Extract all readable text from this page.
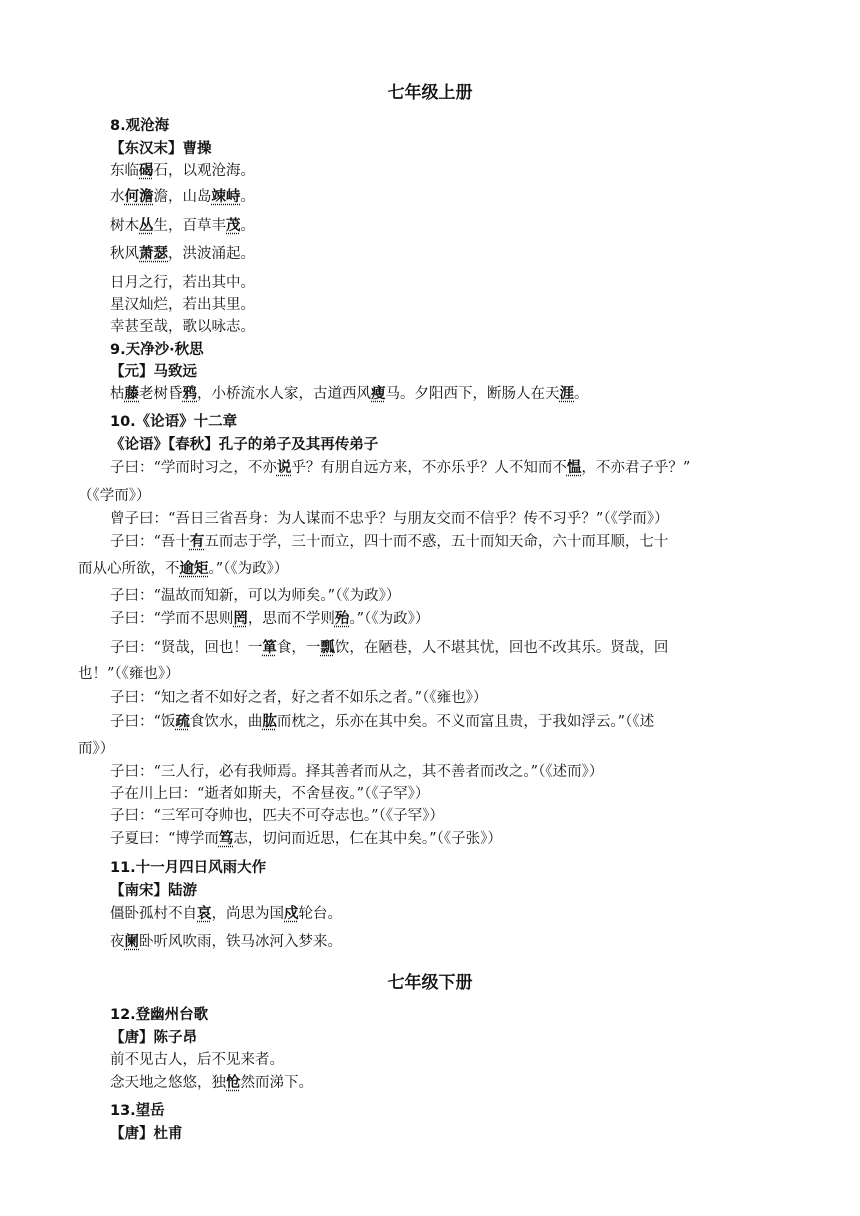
七年级上册
8.观沧海
【东汉末】曹操
东临碣石，以观沧海。
水何澹澹，山岛竦峙。
树木丛生，百草丰茂。
秋风萧瑟，洪波涌起。
日月之行，若出其中。
星汉灿烂，若出其里。
幸甚至哉，歌以咏志。
9.天净沙·秋思
【元】马致远
枯藤老树昏鸦，小桥流水人家，古道西风瘦马。夕阳西下，断肠人在天涯。
10.《论语》十二章
《论语》【春秋】孔子的弟子及其再传弟子
子曰：“学而时习之，不亦说乎？有朋自远方来，不亦乐乎？人不知而不愠，不亦君子乎？”
（《学而》）
曾子曰：“吾日三省吾身：为人谋而不忠乎？与朋友交而不信乎？传不习乎？”（《学而》）
子曰：“吾十有五而志于学，三十而立，四十而不惑，五十而知天命，六十而耳顺，七十
而从心所欲，不逾矩。”（《为政》）
子曰：“温故而知新，可以为师矣。”（《为政》）
子曰：“学而不思则罔，思而不学则殆。”（《为政》）
子曰：“贤哉，回也！一箪食，一瓢饮，在陋巷，人不堪其忧，回也不改其乐。贤哉，回
也！”（《雍也》）
子曰：“知之者不如好之者，好之者不如乐之者。”（《雍也》）
子曰：“饭疏食饮水，曲肱而枕之，乐亦在其中矣。不义而富且贵，于我如浮云。”（《述
而》）
子曰：“三人行，必有我师焉。择其善者而从之，其不善者而改之。”（《述而》）
子在川上曰：“逝者如斯夫，不舍昼夜。”（《子罕》）
子曰：“三军可夺帅也，匹夫不可夺志也。”（《子罕》）
子夏曰：“博学而笃志，切问而近思，仁在其中矣。”（《子张》）
11.十一月四日风雨大作
【南宋】陆游
僵卧孤村不自哀，尚思为国戍轮台。
夜阑卧听风吹雨，铁马冰河入梦来。
七年级下册
12.登幽州台歌
【唐】陈子昂
前不见古人，后不见来者。
念天地之悠悠，独怆然而涕下。
13.望岳
【唐】杜甫
